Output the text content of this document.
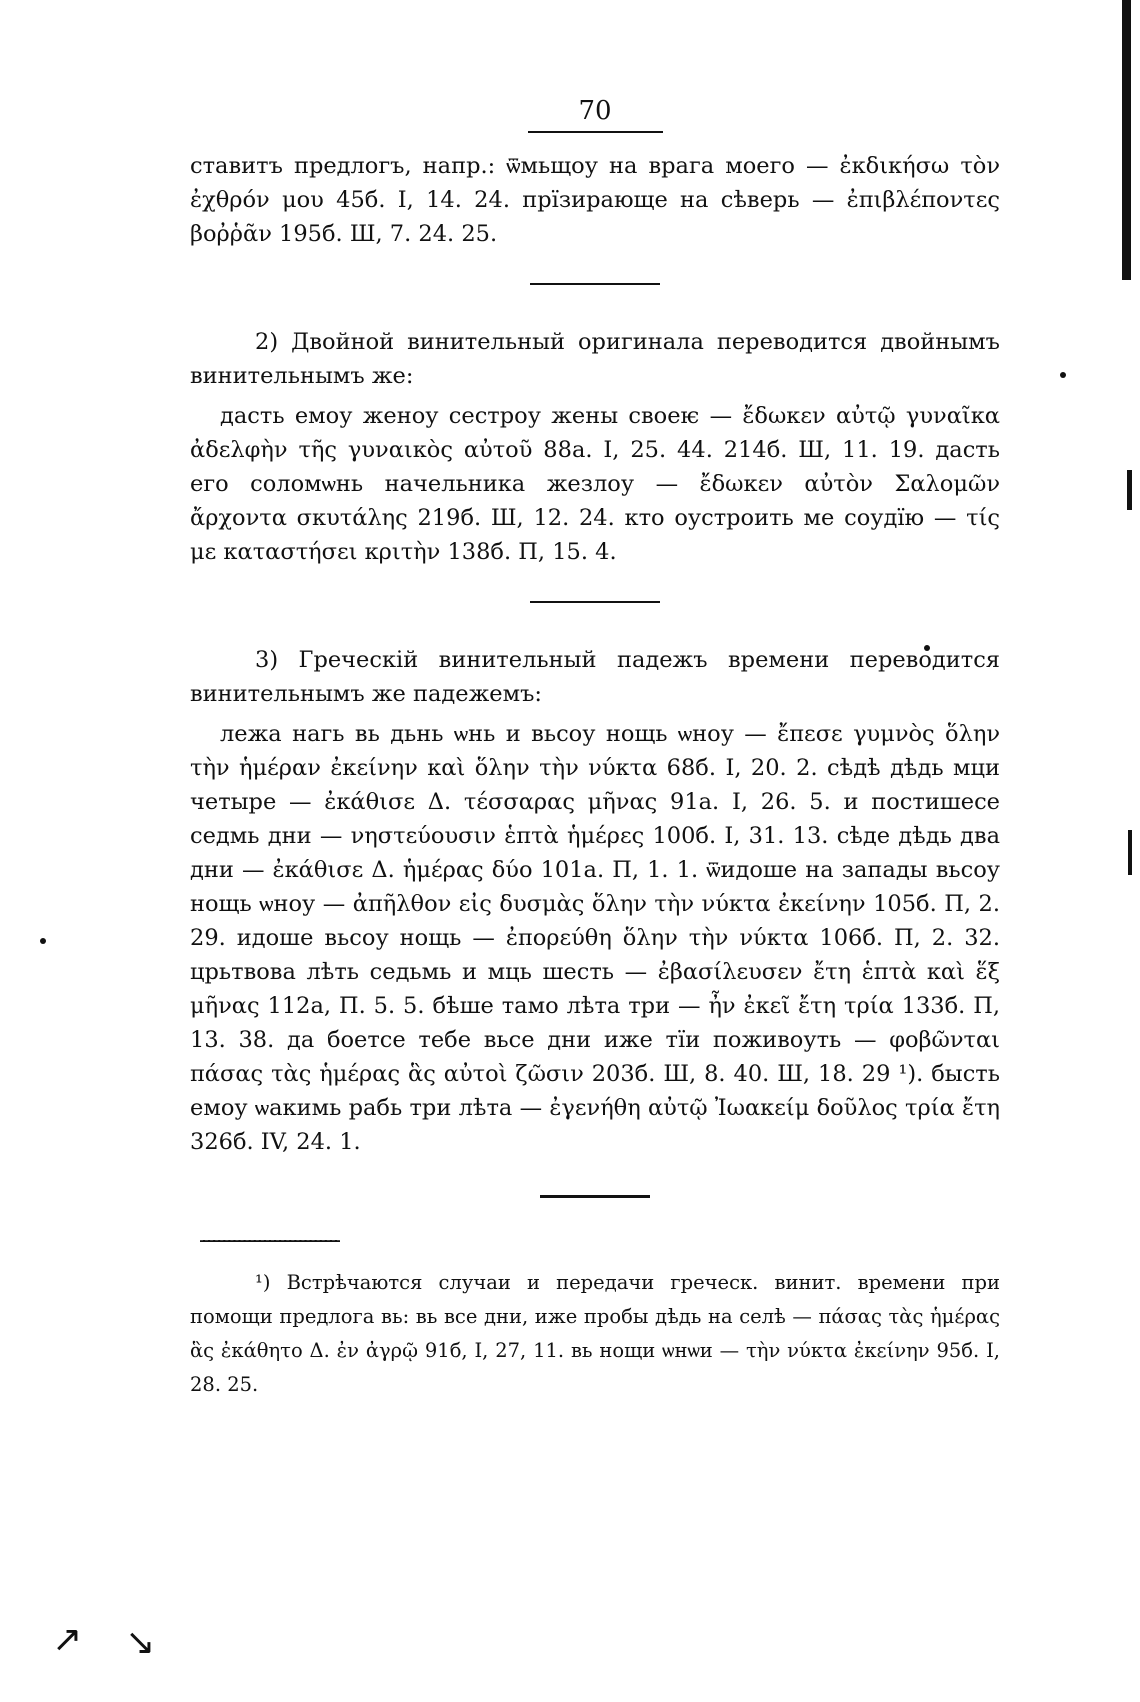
↗ ↘
70

ставитъ предлогъ, напр.: ѿмьщоу на врага моего — ἐκδικήσω τὸν ἐχθρόν μου 45б. I, 14. 24. прїзирающе на сѣверь — ἐπιβλέποντες βοῤῥᾶν 195б. Ш, 7. 24. 25.

2) Двойной винительный оригинала переводится двойнымъ винительнымъ же:

дасть емоу женоу сестроу жены своеѥ — ἔδωκεν αὐτῷ γυναῖκα ἀδελφὴν τῆς γυναικὸς αὐτοῦ 88а. I, 25. 44. 214б. Ш, 11. 19. дасть его соломѡнь начельника жезлоу — ἔδωκεν αὐτὸν Σαλομῶν ἄρχοντα σκυτάλης 219б. Ш, 12. 24. кто оустроить ме соудїю — τίς με καταστήσει κριτὴν 138б. П, 15. 4.

3) Греческій винительный падежъ времени переводится винительнымъ же падежемъ:

лежа нагь вь дьнь ѡнь и вьсоу нощь ѡноу — ἔπεσε γυμνὸς ὅλην τὴν ἡμέραν ἐκείνην καὶ ὅλην τὴν νύκτα 68б. I, 20. 2. сѣдѣ дѣдь мци четыре — ἐκάθισε Δ. τέσσαρας μῆνας 91а. I, 26. 5. и постишесе седмь дни — νηστεύουσιν ἑπτὰ ἡμέρες 100б. I, 31. 13. сѣде дѣдь два дни — ἐκάθισε Δ. ἡμέρας δύο 101а. П, 1. 1. ѿидоше на запады вьсоу нощь ѡноу — ἀπῆλθον εἰς δυσμὰς ὅλην τὴν νύκτα ἐκείνην 105б. П, 2. 29. идоше вьсоу нощь — ἐπορεύθη ὅλην τὴν νύκτα 106б. П, 2. 32. црьтвова лѣть седьмь и мць шесть — ἐβασίλευσεν ἔτη ἑπτὰ καὶ ἕξ μῆνας 112а, П. 5. 5. бѣше тамо лѣта три — ἦν ἐκεῖ ἔτη τρία 133б. П, 13. 38. да боетсе тебе вьсе дни иже тїи поживоуть — φοβῶνται πάσας τὰς ἡμέρας ἃς αὐτοὶ ζῶσιν 203б. Ш, 8. 40. Ш, 18. 29 ¹). бысть емоу ѡакимь рабь три лѣта — ἐγενήθη αὐτῷ Ἰωακείμ δοῦλος τρία ἔτη 326б. IV, 24. 1.

¹) Встрѣчаются случаи и передачи греческ. винит. времени при помощи предлога вь: вь все дни, иже пробы дѣдь на селѣ — πάσας τὰς ἡμέρας ἃς ἐκάθητο Δ. ἐν ἀγρῷ 91б, I, 27, 11. вь нощи ѡнѡи — τὴν νύκτα ἐκείνην 95б. I, 28. 25.
